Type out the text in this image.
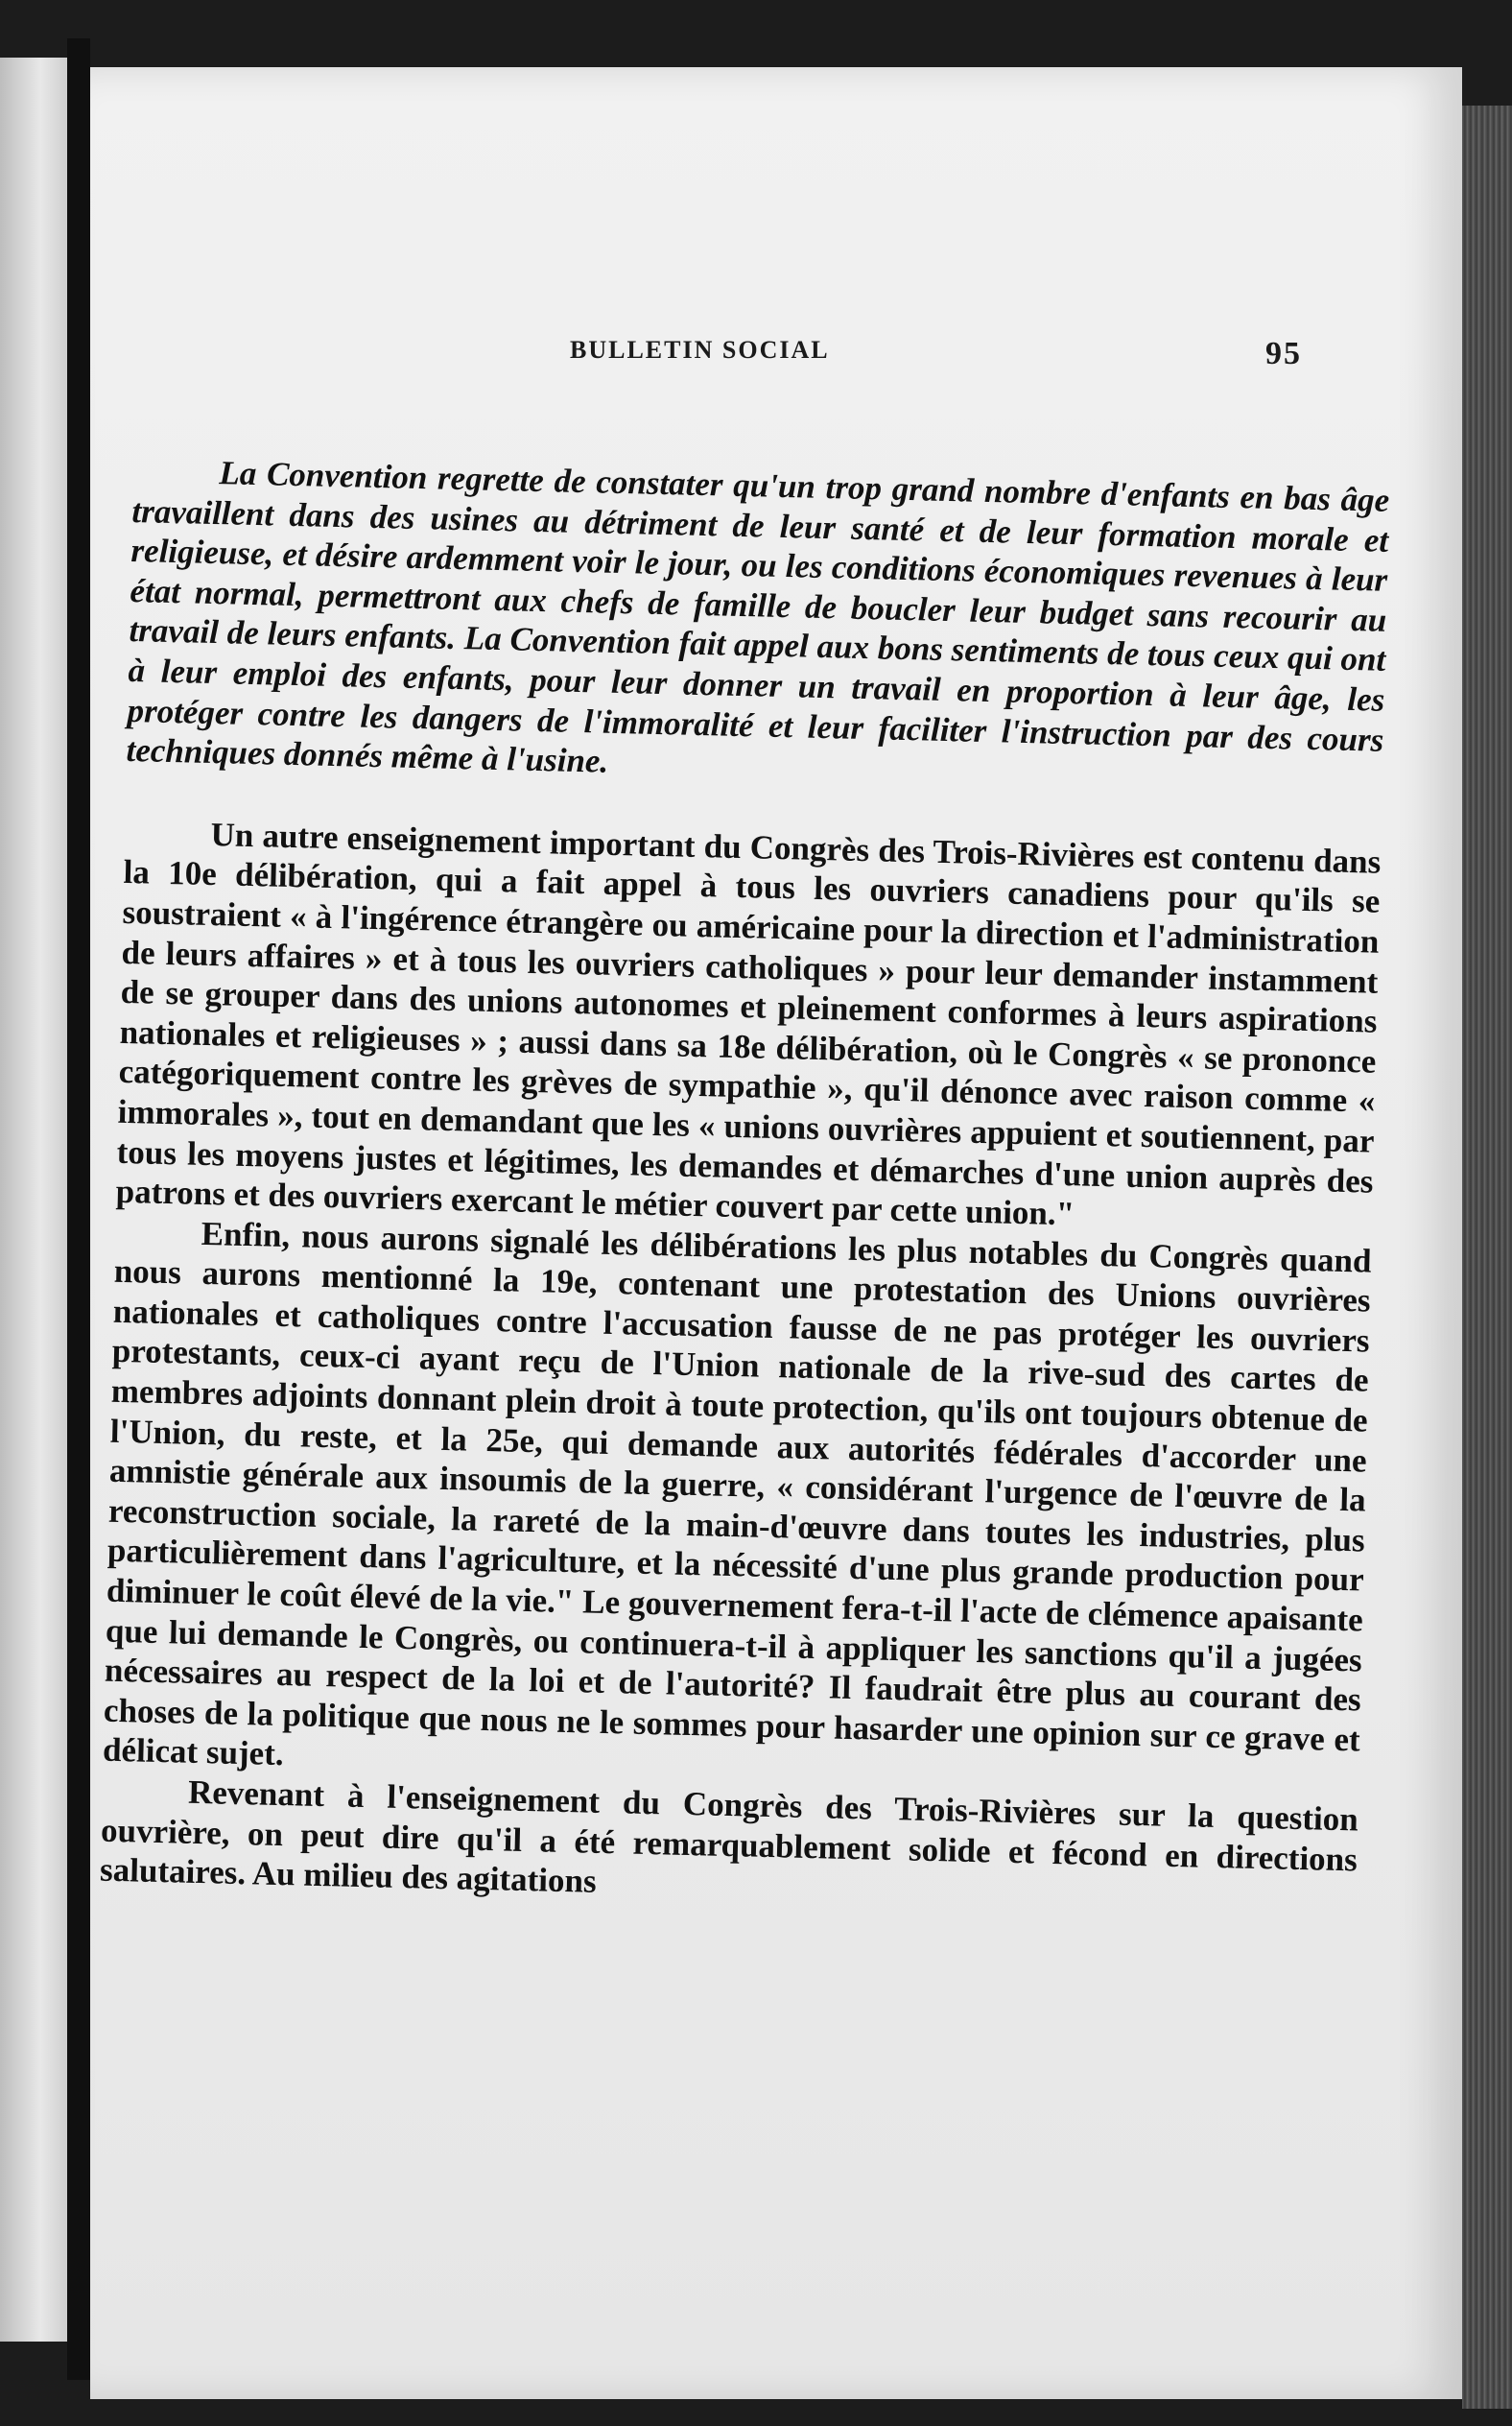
BULLETIN SOCIAL	95

La Convention regrette de constater qu'un trop grand nombre d'enfants en bas âge travaillent dans des usines au détriment de leur santé et de leur formation morale et religieuse, et désire ardemment voir le jour, ou les conditions économiques revenues à leur état normal, permettront aux chefs de famille de boucler leur budget sans recourir au travail de leurs enfants. La Convention fait appel aux bons sentiments de tous ceux qui ont à leur emploi des enfants, pour leur donner un travail en proportion à leur âge, les protéger contre les dangers de l'immoralité et leur faciliter l'instruction par des cours techniques donnés même à l'usine.

Un autre enseignement important du Congrès des Trois-Rivières est contenu dans la 10e délibération, qui a fait appel à tous les ouvriers canadiens pour qu'ils se soustraient « à l'ingérence étrangère ou américaine pour la direction et l'administration de leurs affaires » et à tous les ouvriers catholiques » pour leur demander instamment de se grouper dans des unions autonomes et pleinement conformes à leurs aspirations nationales et religieuses » ; aussi dans sa 18e délibération, où le Congrès « se prononce catégoriquement contre les grèves de sympathie », qu'il dénonce avec raison comme « immorales », tout en demandant que les « unions ouvrières appuient et soutiennent, par tous les moyens justes et légitimes, les demandes et démarches d'une union auprès des patrons et des ouvriers exercant le métier couvert par cette union."

Enfin, nous aurons signalé les délibérations les plus notables du Congrès quand nous aurons mentionné la 19e, contenant une protestation des Unions ouvrières nationales et catholiques contre l'accusation fausse de ne pas protéger les ouvriers protestants, ceux-ci ayant reçu de l'Union nationale de la rive-sud des cartes de membres adjoints donnant plein droit à toute protection, qu'ils ont toujours obtenue de l'Union, du reste, et la 25e, qui demande aux autorités fédérales d'accorder une amnistie générale aux insoumis de la guerre, « considérant l'urgence de l'œuvre de la reconstruction sociale, la rareté de la main-d'œuvre dans toutes les industries, plus particulièrement dans l'agriculture, et la nécessité d'une plus grande production pour diminuer le coût élevé de la vie." Le gouvernement fera-t-il l'acte de clémence apaisante que lui demande le Congrès, ou continuera-t-il à appliquer les sanctions qu'il a jugées nécessaires au respect de la loi et de l'autorité? Il faudrait être plus au courant des choses de la politique que nous ne le sommes pour hasarder une opinion sur ce grave et délicat sujet.

Revenant à l'enseignement du Congrès des Trois-Rivières sur la question ouvrière, on peut dire qu'il a été remarquablement solide et fécond en directions salutaires. Au milieu des agitations
